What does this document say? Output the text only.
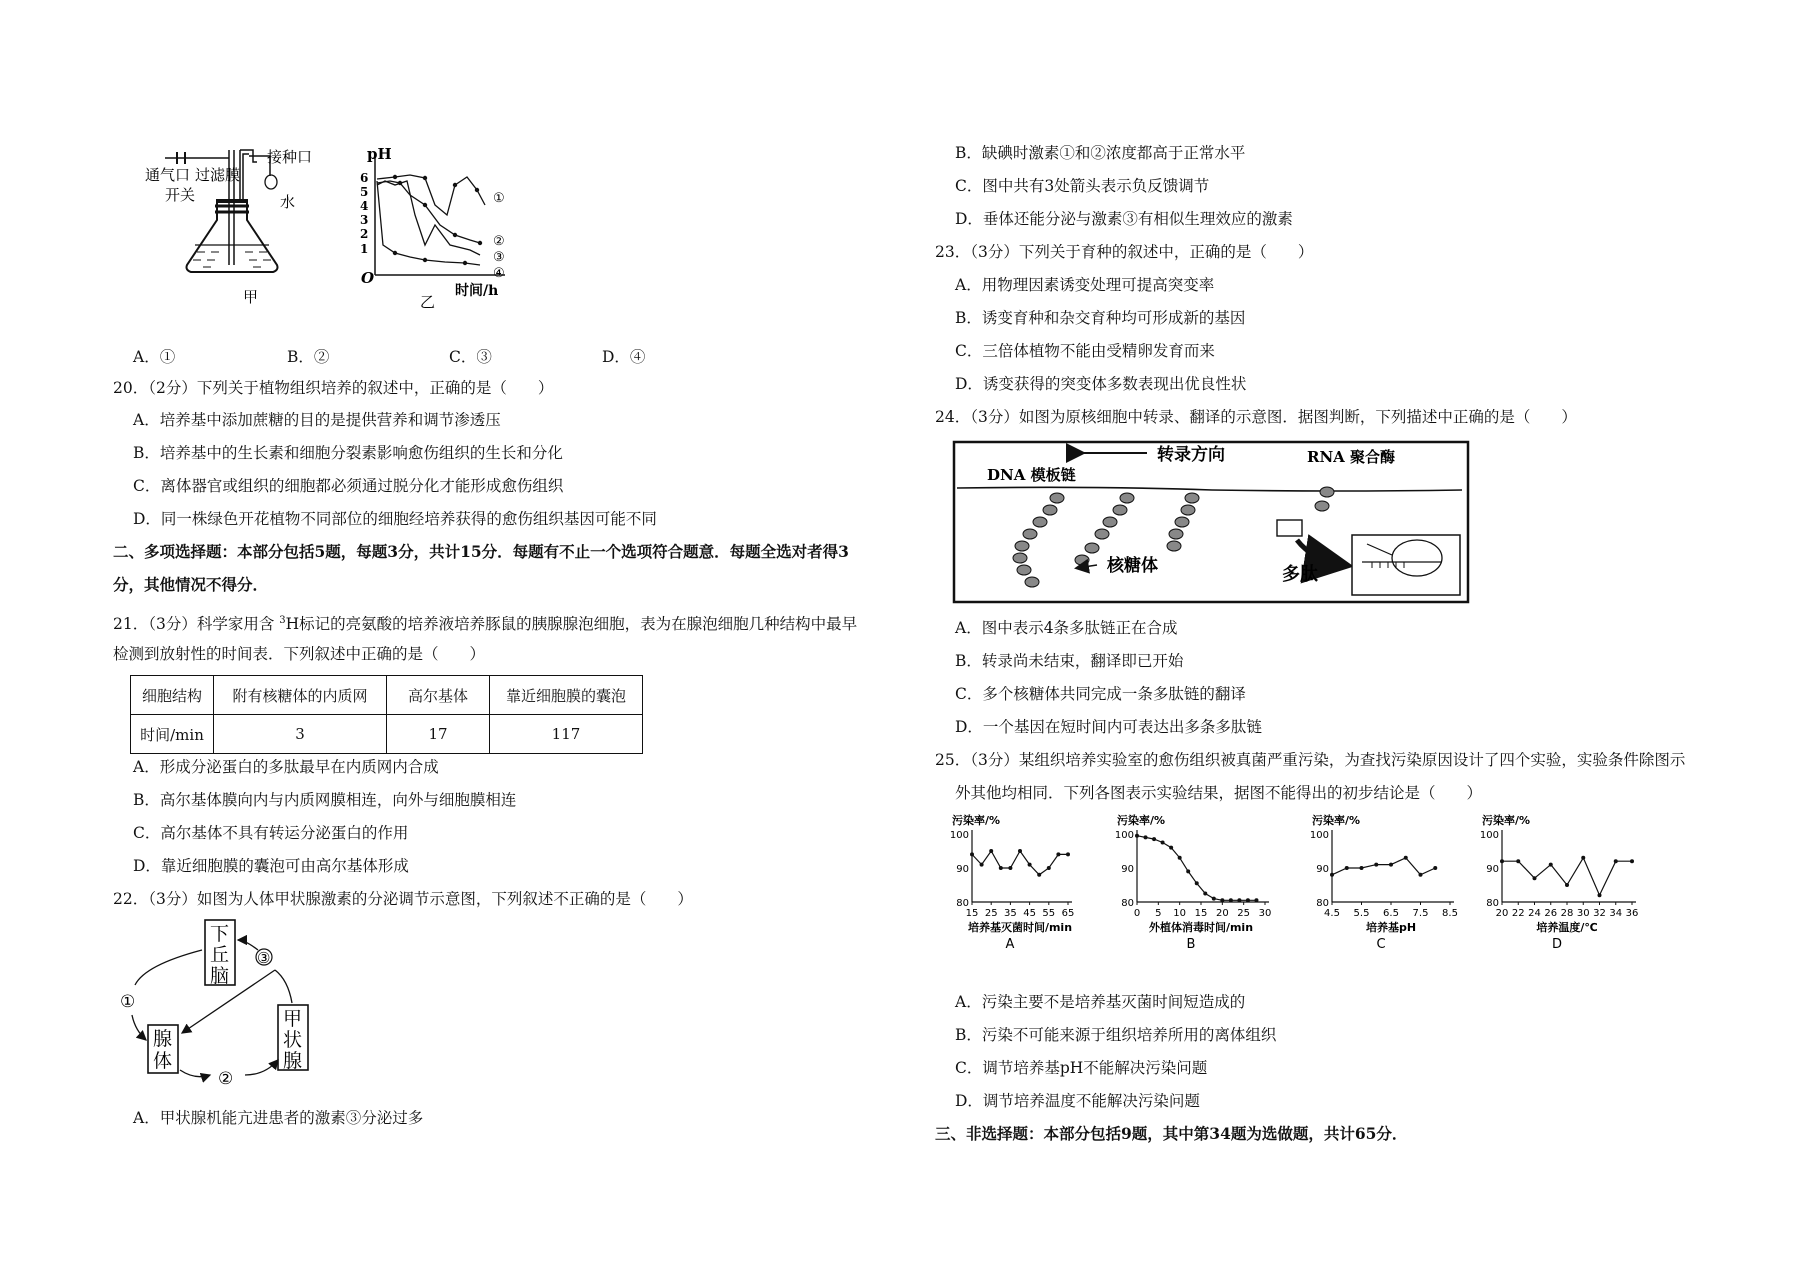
通气口
开关
过滤膜
接种口
水
甲
O
pH
时间/h
乙
6
5
4
3
2
1
①
②
③
④
A．①	B．②	C．③	D．④
20．（2分）下列关于植物组织培养的叙述中，正确的是（　　）
A．培养基中添加蔗糖的目的是提供营养和调节渗透压
B．培养基中的生长素和细胞分裂素影响愈伤组织的生长和分化
C．离体器官或组织的细胞都必须通过脱分化才能形成愈伤组织
D．同一株绿色开花植物不同部位的细胞经培养获得的愈伤组织基因可能不同
二、多项选择题：本部分包括5题，每题3分，共计15分．每题有不止一个选项符合题意．每题全选对者得3
分，其他情况不得分．
21．（3分）科学家用含 $^3$H标记的亮氨酸的培养液培养豚鼠的胰腺腺泡细胞，表为在腺泡细胞几种结构中最早
检测到放射性的时间表．下列叙述中正确的是（　　）
细胞结构	附有核糖体的内质网	高尔基体	靠近细胞膜的囊泡
时间/min	3	17	117
A．形成分泌蛋白的多肽最早在内质网内合成
B．高尔基体膜向内与内质网膜相连，向外与细胞膜相连
C．高尔基体不具有转运分泌蛋白的作用
D．靠近细胞膜的囊泡可由高尔基体形成
22．（3分）如图为人体甲状腺激素的分泌调节示意图，下列叙述不正确的是（　　）
下
丘
脑
腺
体
甲
状
腺
③
①
②
A．甲状腺机能亢进患者的激素③分泌过多
B．缺碘时激素①和②浓度都高于正常水平
C．图中共有3处箭头表示负反馈调节
D．垂体还能分泌与激素③有相似生理效应的激素
23．（3分）下列关于育种的叙述中，正确的是（　　）
A．用物理因素诱变处理可提高突变率
B．诱变育种和杂交育种均可形成新的基因
C．三倍体植物不能由受精卵发育而来
D．诱变获得的突变体多数表现出优良性状
24．（3分）如图为原核细胞中转录、翻译的示意图．据图判断，下列描述中正确的是（　　）
转录方向
DNA 模板链
RNA 聚合酶
多肽
核糖体
A．图中表示4条多肽链正在合成
B．转录尚未结束，翻译即已开始
C．多个核糖体共同完成一条多肽链的翻译
D．一个基因在短时间内可表达出多条多肽链
25．（3分）某组织培养实验室的愈伤组织被真菌严重污染，为查找污染原因设计了四个实验，实验条件除图示
外其他均相同．下列各图表示实验结果，据图不能得出的初步结论是（　　）
污染率/%
100
90
80
15 25 35 45 55 65
培养基灭菌时间/min
A
污染率/%
100
90
80
0 5 10 15 20 25 30
外植体消毒时间/min
B
污染率/%
100
90
80
4.5 5.5 6.5 7.5 8.5
培养基pH
C
污染率/%
100
90
80
20 22 24 26 28 30 32 34 36
培养温度/℃
D
A．污染主要不是培养基灭菌时间短造成的
B．污染不可能来源于组织培养所用的离体组织
C．调节培养基pH不能解决污染问题
D．调节培养温度不能解决污染问题
三、非选择题：本部分包括9题，其中第34题为选做题，共计65分．
